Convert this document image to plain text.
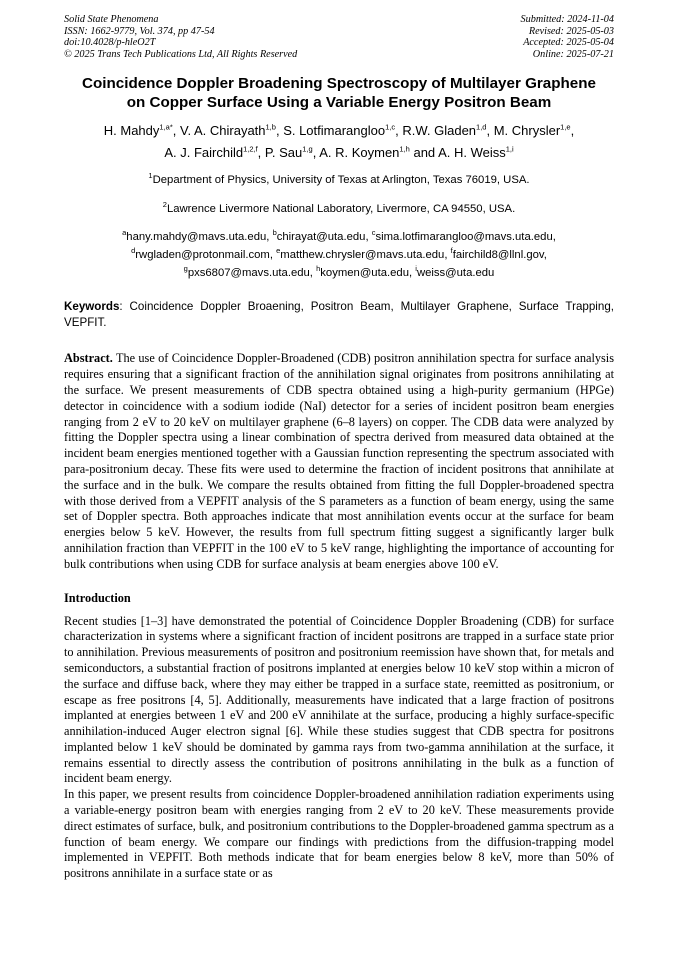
Solid State Phenomena
ISSN: 1662-9779, Vol. 374, pp 47-54
doi:10.4028/p-hleO2T
© 2025 Trans Tech Publications Ltd, All Rights Reserved
Submitted: 2024-11-04
Revised: 2025-05-03
Accepted: 2025-05-04
Online: 2025-07-21
Coincidence Doppler Broadening Spectroscopy of Multilayer Graphene
on Copper Surface Using a Variable Energy Positron Beam
H. Mahdy$^{1,a*}$, V. A. Chirayath$^{1,b}$, S. Lotfimarangloo$^{1,c}$, R.W. Gladen$^{1,d}$, M. Chrysler$^{1,e}$,
A. J. Fairchild$^{1,2,f}$, P. Sau$^{1,g}$, A. R. Koymen$^{1,h}$ and A. H. Weiss$^{1,i}$
$^1$Department of Physics, University of Texas at Arlington, Texas 76019, USA.
$^2$Lawrence Livermore National Laboratory, Livermore, CA 94550, USA.
$^a$hany.mahdy@mavs.uta.edu, $^b$chirayat@uta.edu, $^c$sima.lotfimarangloo@mavs.uta.edu,
$^d$rwgladen@protonmail.com, $^e$matthew.chrysler@mavs.uta.edu, $^f$fairchild8@llnl.gov,
$^g$pxs6807@mavs.uta.edu, $^h$koymen@uta.edu, $^i$weiss@uta.edu
Keywords: Coincidence Doppler Broaening, Positron Beam, Multilayer Graphene, Surface Trapping, VEPFIT.
Abstract. The use of Coincidence Doppler-Broadened (CDB) positron annihilation spectra for surface analysis requires ensuring that a significant fraction of the annihilation signal originates from positrons annihilating at the surface. We present measurements of CDB spectra obtained using a high-purity germanium (HPGe) detector in coincidence with a sodium iodide (NaI) detector for a series of incident positron beam energies ranging from 2 eV to 20 keV on multilayer graphene (6–8 layers) on copper. The CDB data were analyzed by fitting the Doppler spectra using a linear combination of spectra derived from measured data obtained at the incident beam energies mentioned together with a Gaussian function representing the spectrum associated with para-positronium decay. These fits were used to determine the fraction of incident positrons that annihilate at the surface and in the bulk. We compare the results obtained from fitting the full Doppler-broadened spectra with those derived from a VEPFIT analysis of the S parameters as a function of beam energy, using the same set of Doppler spectra. Both approaches indicate that most annihilation events occur at the surface for beam energies below 5 keV. However, the results from full spectrum fitting suggest a significantly larger bulk annihilation fraction than VEPFIT in the 100 eV to 5 keV range, highlighting the importance of accounting for bulk contributions when using CDB for surface analysis at beam energies above 100 eV.
Introduction
Recent studies [1–3] have demonstrated the potential of Coincidence Doppler Broadening (CDB) for surface characterization in systems where a significant fraction of incident positrons are trapped in a surface state prior to annihilation. Previous measurements of positron and positronium reemission have shown that, for metals and semiconductors, a substantial fraction of positrons implanted at energies below 10 keV stop within a micron of the surface and diffuse back, where they may either be trapped in a surface state, reemitted as positronium, or escape as free positrons [4, 5]. Additionally, measurements have indicated that a large fraction of positrons implanted at energies between 1 eV and 200 eV annihilate at the surface, producing a highly surface-specific annihilation-induced Auger electron signal [6]. While these studies suggest that CDB spectra for positrons implanted below 1 keV should be dominated by gamma rays from two-gamma annihilation at the surface, it remains essential to directly assess the contribution of positrons annihilating in the bulk as a function of incident beam energy.
In this paper, we present results from coincidence Doppler-broadened annihilation radiation experiments using a variable-energy positron beam with energies ranging from 2 eV to 20 keV. These measurements provide direct estimates of surface, bulk, and positronium contributions to the Doppler-broadened gamma spectrum as a function of beam energy. We compare our findings with predictions from the diffusion-trapping model implemented in VEPFIT. Both methods indicate that for beam energies below 8 keV, more than 50% of positrons annihilate in a surface state or as
